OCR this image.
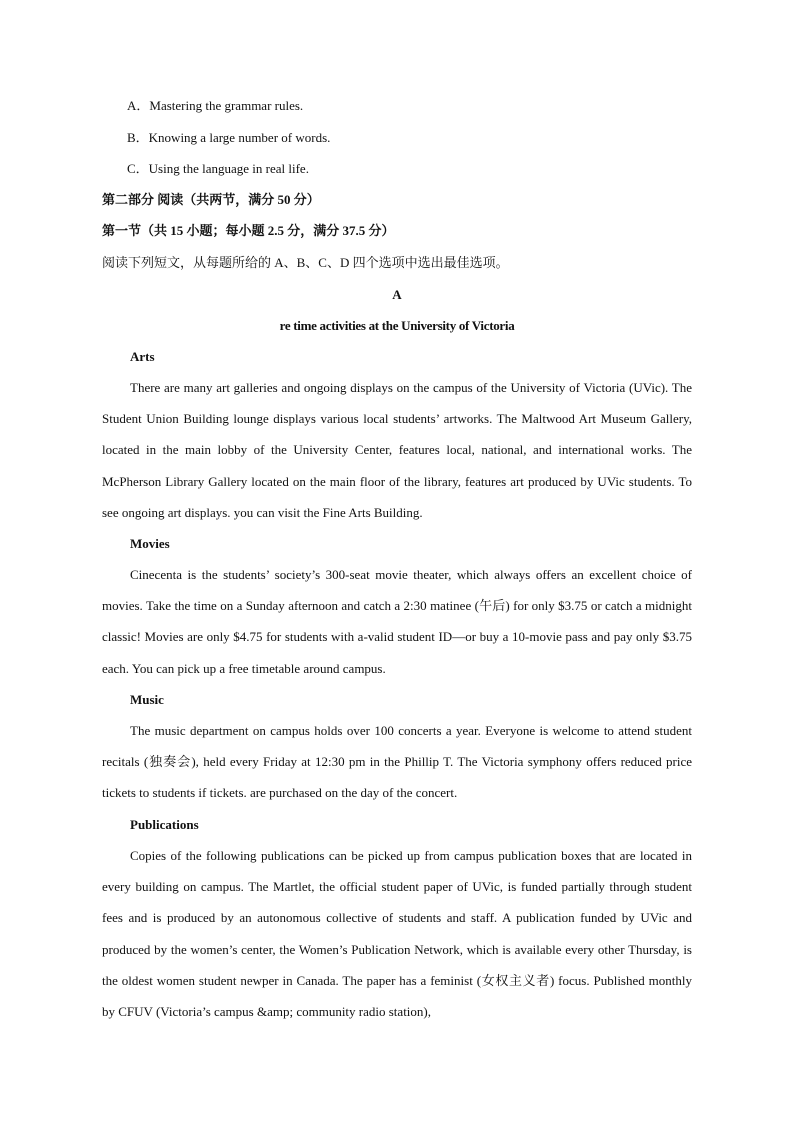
A．Mastering the grammar rules.
B．Knowing a large number of words.
C．Using the language in real life.
第二部分 阅读（共两节，满分 50 分）
第一节（共 15 小题；每小题 2.5 分，满分 37.5 分）
阅读下列短文，从每题所给的 A、B、C、D 四个选项中选出最佳选项。
A
re time activities at the University of Victoria
Arts

There are many art galleries and ongoing displays on the campus of the University of Victoria (UVic). The Student Union Building lounge displays various local students’ artworks. The Maltwood Art Museum Gallery, located in the main lobby of the University Center, features local, national, and international works. The McPherson Library Gallery located on the main floor of the library, features art produced by UVic students. To see ongoing art displays. you can visit the Fine Arts Building.

Movies

Cinecenta is the students’ society’s 300-seat movie theater, which always offers an excellent choice of movies. Take the time on a Sunday afternoon and catch a 2:30 matinee (午后) for only $3.75 or catch a midnight classic! Movies are only $4.75 for students with a-valid student ID—or buy a 10-movie pass and pay only $3.75 each. You can pick up a free timetable around campus.

Music

The music department on campus holds over 100 concerts a year. Everyone is welcome to attend student recitals (独奏会), held every Friday at 12:30 pm in the Phillip T. The Victoria symphony offers reduced price tickets to students if tickets. are purchased on the day of the concert.

Publications

Copies of the following publications can be picked up from campus publication boxes that are located in every building on campus. The Martlet, the official student paper of UVic, is funded partially through student fees and is produced by an autonomous collective of students and staff. A publication funded by UVic and produced by the women’s center, the Women’s Publication Network, which is available every other Thursday, is the oldest women student newper in Canada. The paper has a feminist (女权主义者) focus. Published monthly by CFUV (Victoria’s campus &amp; community radio station),
